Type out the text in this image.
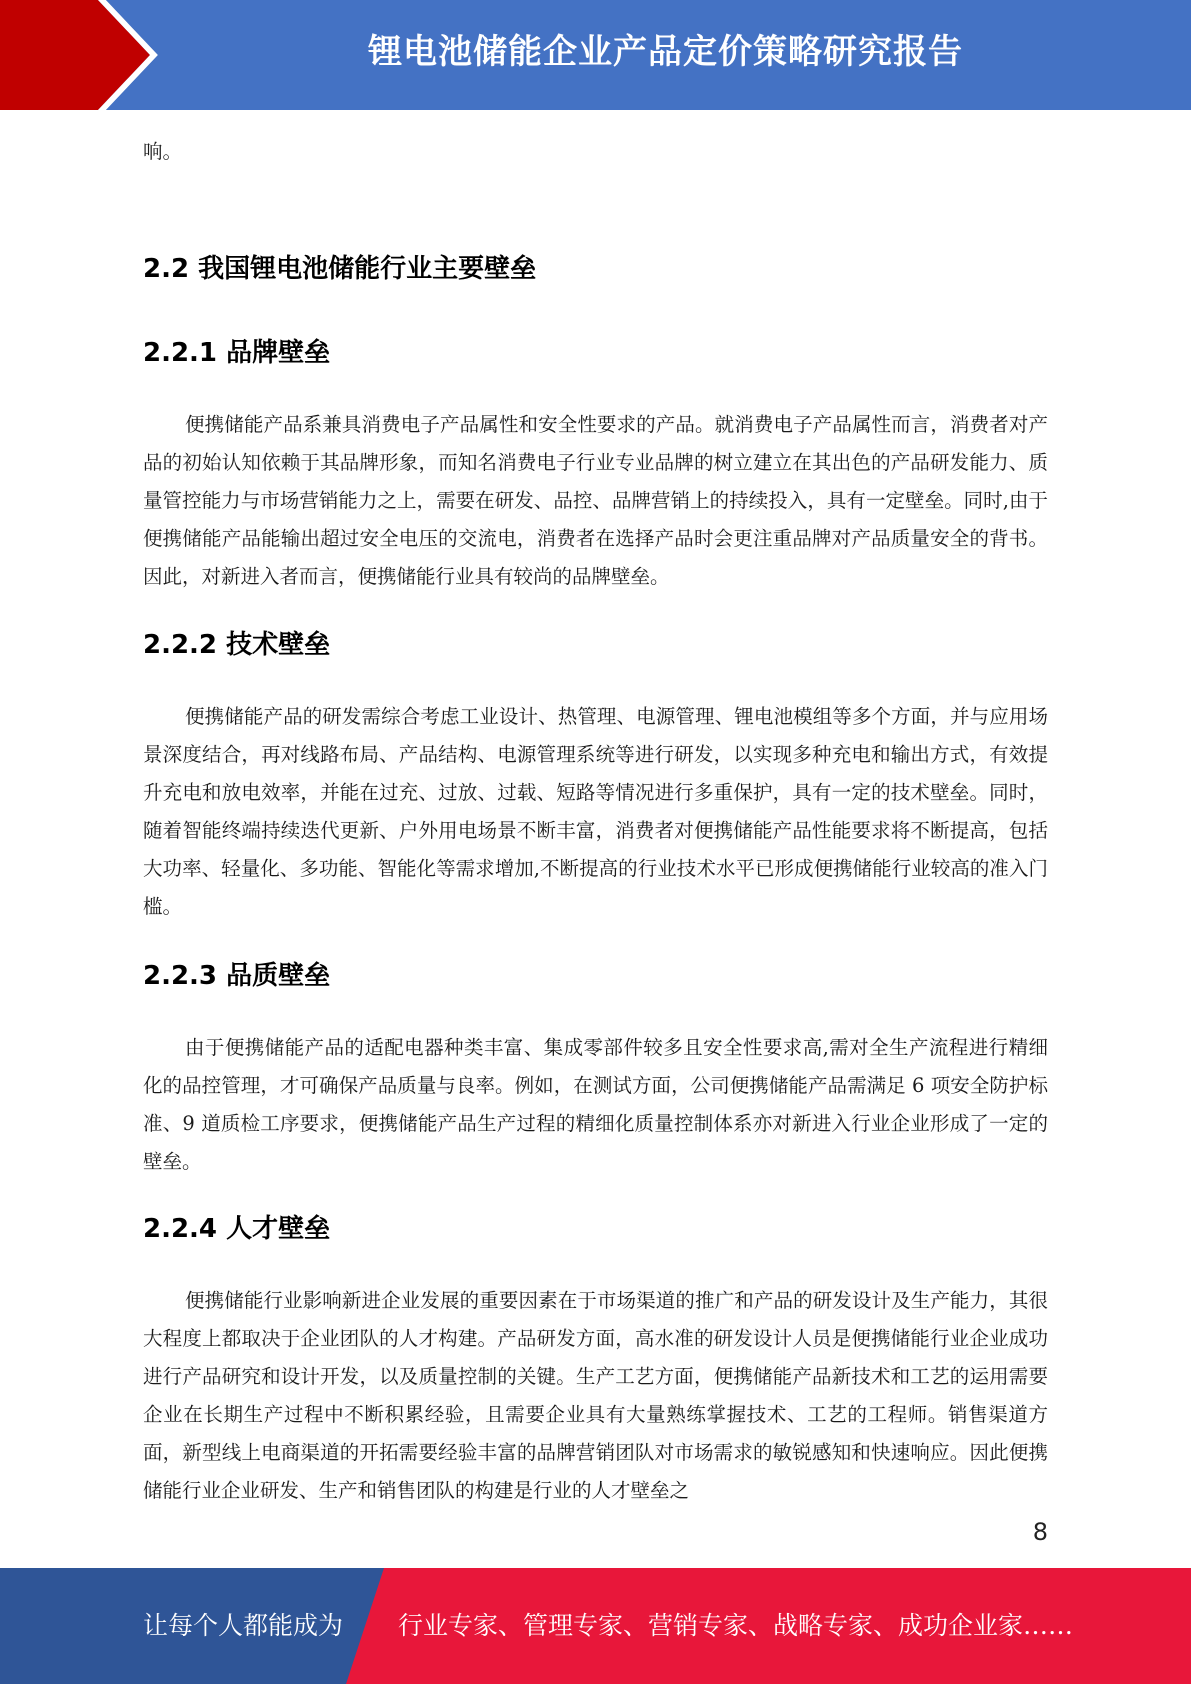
锂电池储能企业产品定价策略研究报告

响。

2.2 我国锂电池储能行业主要壁垒
2.2.1 品牌壁垒

便携储能产品系兼具消费电子产品属性和安全性要求的产品。就消费电子产品属性而言，消费者对产品的初始认知依赖于其品牌形象，而知名消费电子行业专业品牌的树立建立在其出色的产品研发能力、质量管控能力与市场营销能力之上，需要在研发、品控、品牌营销上的持续投入，具有一定壁垒。同时,由于便携储能产品能输出超过安全电压的交流电，消费者在选择产品时会更注重品牌对产品质量安全的背书。因此，对新进入者而言，便携储能行业具有较尚的品牌壁垒。

2.2.2 技术壁垒

便携储能产品的研发需综合考虑工业设计、热管理、电源管理、锂电池模组等多个方面，并与应用场景深度结合，再对线路布局、产品结构、电源管理系统等进行研发，以实现多种充电和输出方式，有效提升充电和放电效率，并能在过充、过放、过载、短路等情况进行多重保护，具有一定的技术壁垒。同时，随着智能终端持续迭代更新、户外用电场景不断丰富，消费者对便携储能产品性能要求将不断提高，包括大功率、轻量化、多功能、智能化等需求增加,不断提高的行业技术水平已形成便携储能行业较高的准入门槛。

2.2.3 品质壁垒

由于便携储能产品的适配电器种类丰富、集成零部件较多且安全性要求高,需对全生产流程进行精细化的品控管理，才可确保产品质量与良率。例如，在测试方面，公司便携储能产品需满足 6 项安全防护标准、9 道质检工序要求，便携储能产品生产过程的精细化质量控制体系亦对新进入行业企业形成了一定的壁垒。

2.2.4 人才壁垒

便携储能行业影响新进企业发展的重要因素在于市场渠道的推广和产品的研发设计及生产能力，其很大程度上都取决于企业团队的人才构建。产品研发方面，高水准的研发设计人员是便携储能行业企业成功进行产品研究和设计开发，以及质量控制的关键。生产工艺方面，便携储能产品新技术和工艺的运用需要企业在长期生产过程中不断积累经验，且需要企业具有大量熟练掌握技术、工艺的工程师。销售渠道方面，新型线上电商渠道的开拓需要经验丰富的品牌营销团队对市场需求的敏锐感知和快速响应。因此便携储能行业企业研发、生产和销售团队的构建是行业的人才壁垒之

8
让每个人都能成为 行业专家、管理专家、营销专家、战略专家、成功企业家……
